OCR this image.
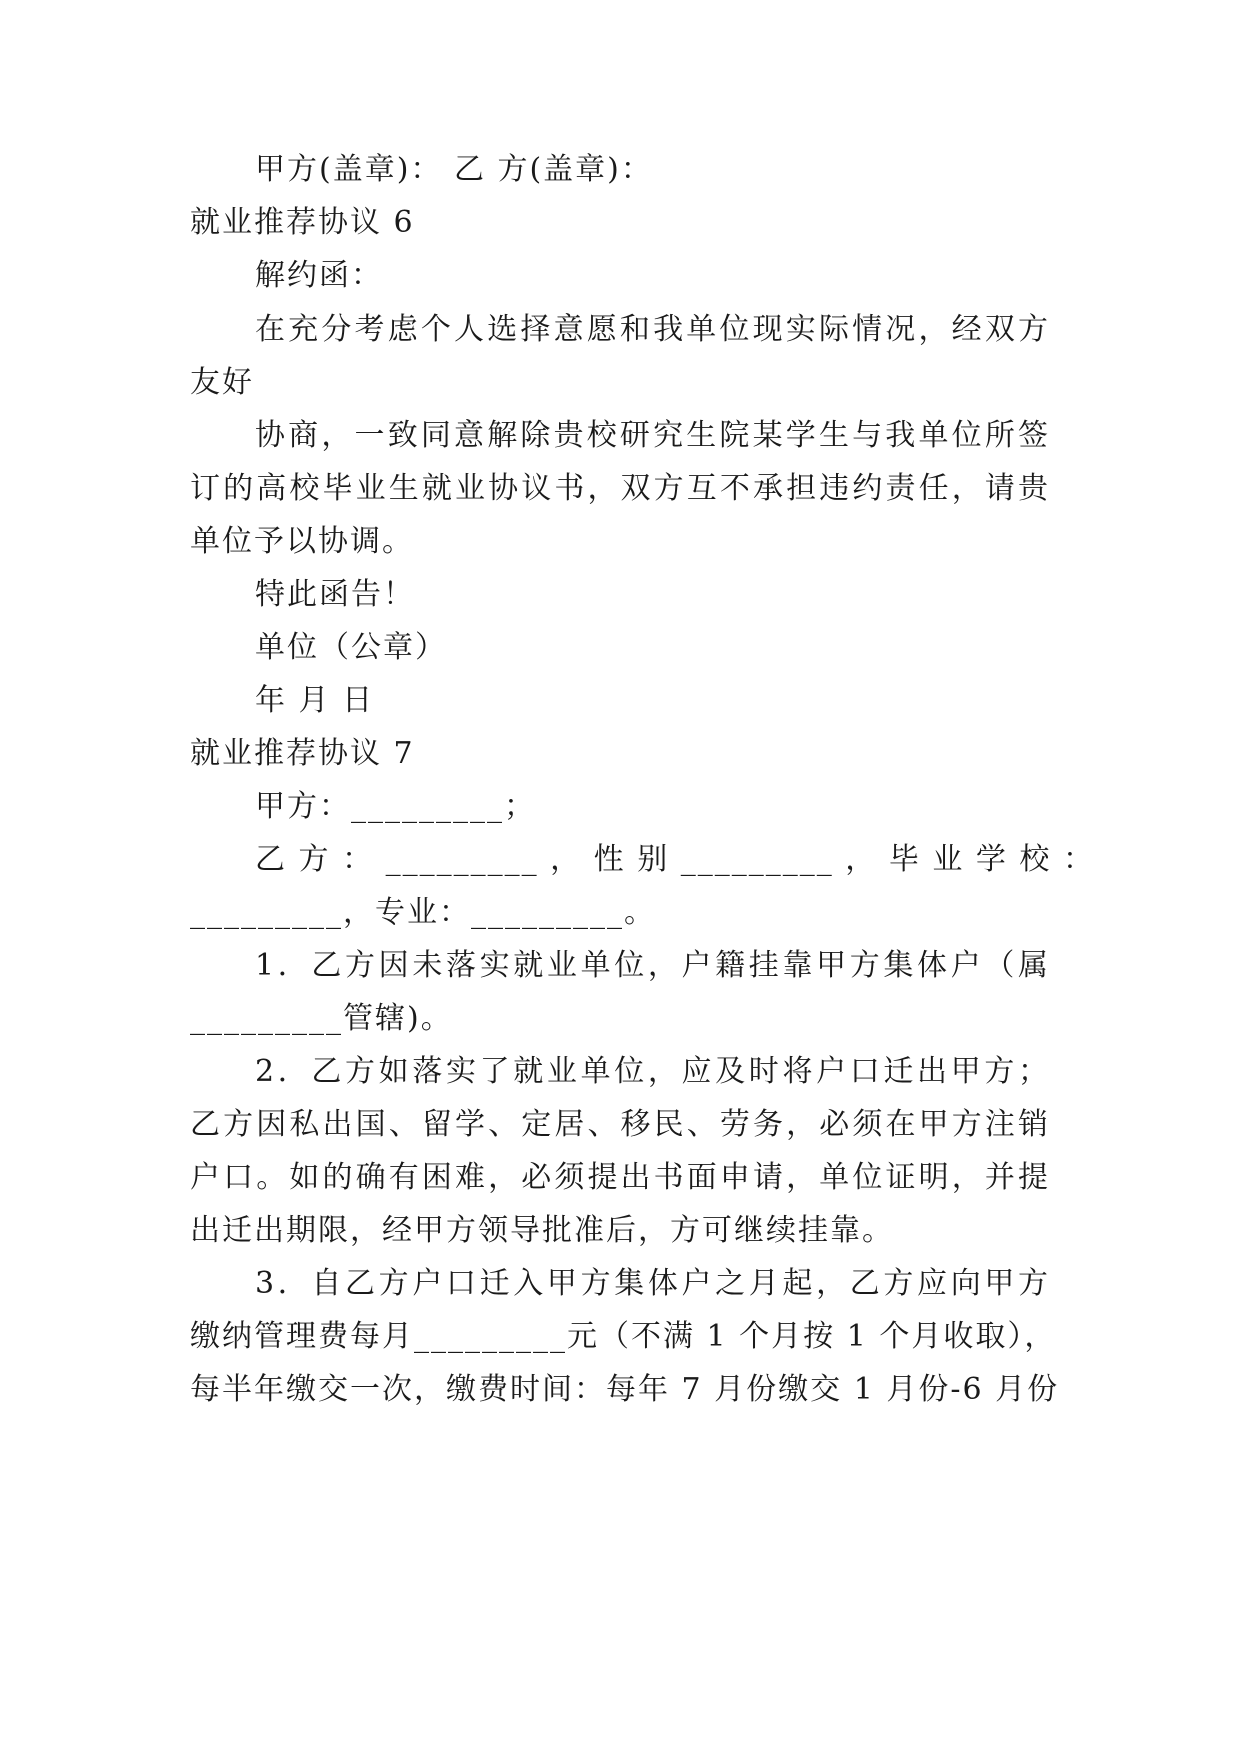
甲方(盖章)： 乙 方(盖章)：
就业推荐协议 6
解约函：
在充分考虑个人选择意愿和我单位现实际情况，经双方
友好
协商，一致同意解除贵校研究生院某学生与我单位所签
订的高校毕业生就业协议书，双方互不承担违约责任，请贵
单位予以协调。
特此函告！
单位（公章）
年 月 日
就业推荐协议 7
甲方：_________；
乙 方 ： _________ ， 性 别 _________ ， 毕 业 学 校 ：
_________，专业：_________。
1．乙方因未落实就业单位，户籍挂靠甲方集体户（属
_________管辖)。
2．乙方如落实了就业单位，应及时将户口迁出甲方；
乙方因私出国、留学、定居、移民、劳务，必须在甲方注销
户口。如的确有困难，必须提出书面申请，单位证明，并提
出迁出期限，经甲方领导批准后，方可继续挂靠。
3．自乙方户口迁入甲方集体户之月起，乙方应向甲方
缴纳管理费每月_________元（不满 1 个月按 1 个月收取），
每半年缴交一次，缴费时间：每年 7 月份缴交 1 月份-6 月份
